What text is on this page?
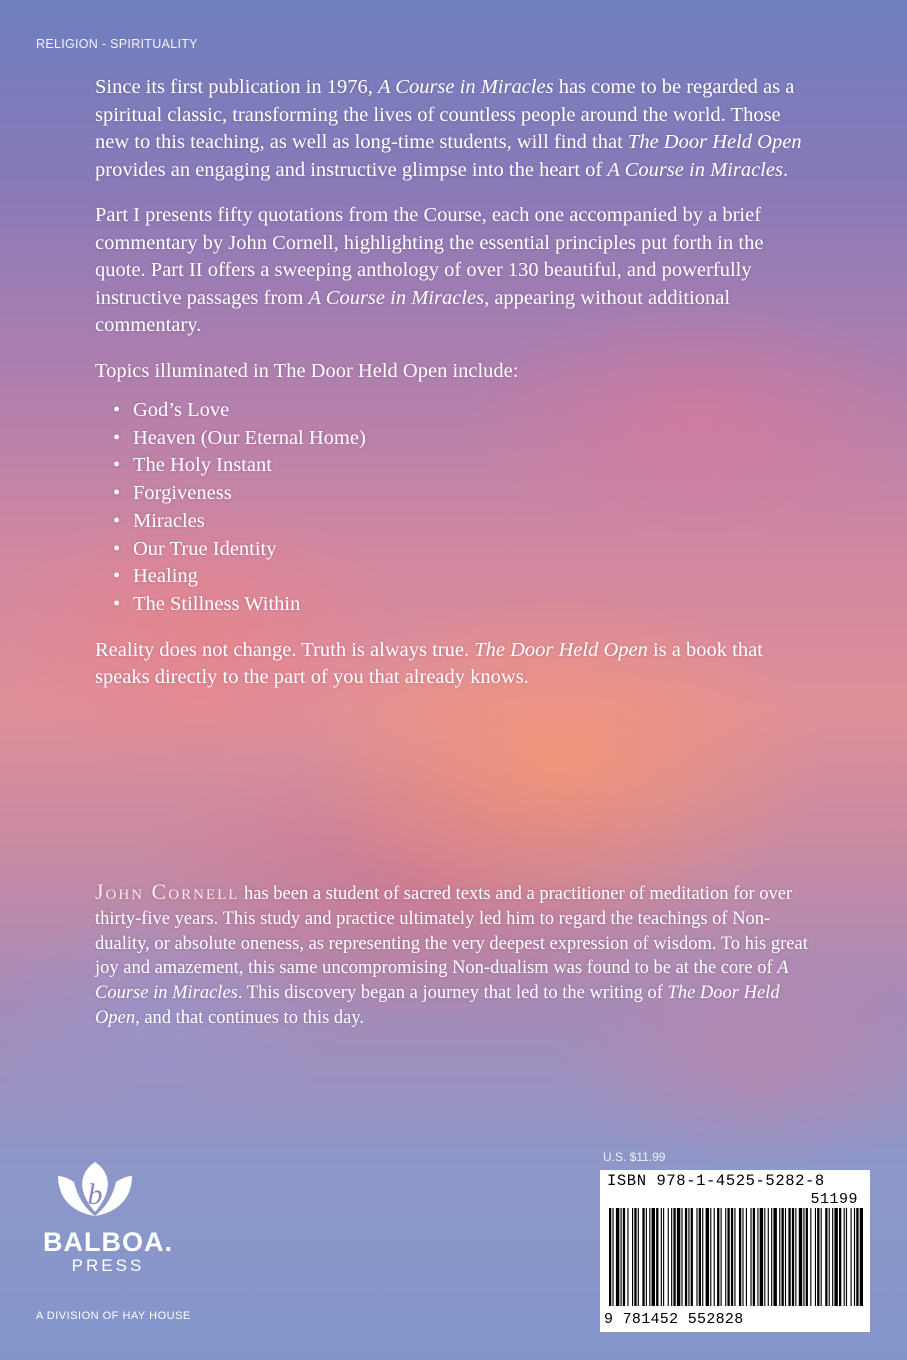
RELIGION - SPIRITUALITY

Since its first publication in 1976, A Course in Miracles has come to be regarded as a spiritual classic, transforming the lives of countless people around the world. Those new to this teaching, as well as long-time students, will find that The Door Held Open provides an engaging and instructive glimpse into the heart of A Course in Miracles.

Part I presents fifty quotations from the Course, each one accompanied by a brief commentary by John Cornell, highlighting the essential principles put forth in the quote. Part II offers a sweeping anthology of over 130 beautiful, and powerfully instructive passages from A Course in Miracles, appearing without additional commentary.

Topics illuminated in The Door Held Open include:

• God’s Love
• Heaven (Our Eternal Home)
• The Holy Instant
• Forgiveness
• Miracles
• Our True Identity
• Healing
• The Stillness Within

Reality does not change. Truth is always true. The Door Held Open is a book that speaks directly to the part of you that already knows.

John Cornell has been a student of sacred texts and a practitioner of meditation for over thirty-five years. This study and practice ultimately led him to regard the teachings of Non-duality, or absolute oneness, as representing the very deepest expression of wisdom. To his great joy and amazement, this same uncompromising Non-dualism was found to be at the core of A Course in Miracles. This discovery began a journey that led to the writing of The Door Held Open, and that continues to this day.
b
BALBOA.
PRESS
A DIVISION OF HAY HOUSE
U.S. $11.99
ISBN 978-1-4525-5282-8
51199
9 781452 552828
